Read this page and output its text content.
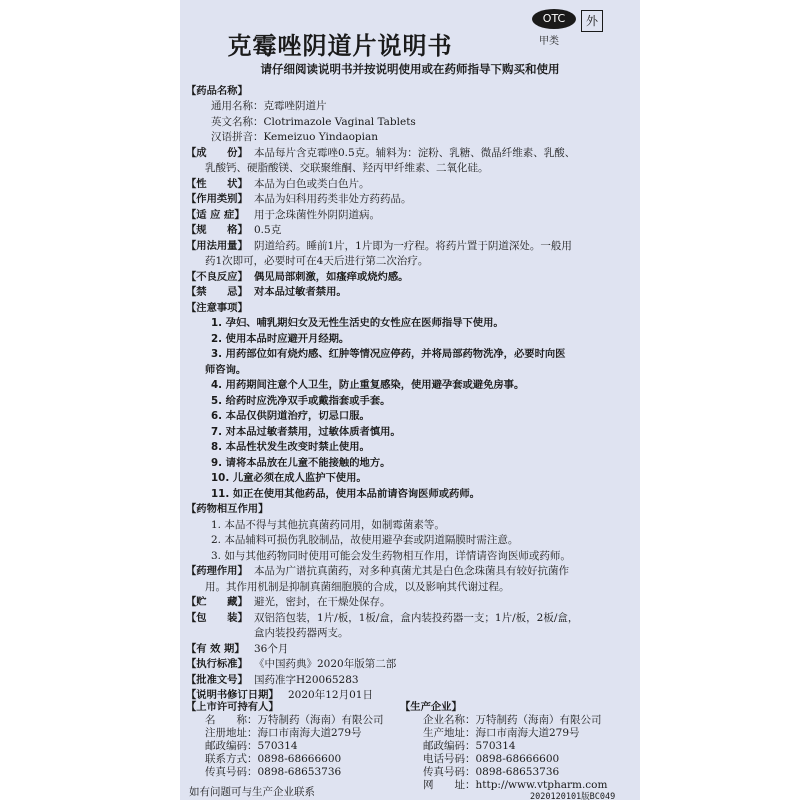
克霉唑阴道片说明书
OTC
甲类
外
请仔细阅读说明书并按说明使用或在药师指导下购买和使用
【药品名称】
通用名称：克霉唑阴道片
英文名称：Clotrimazole Vaginal Tablets
汉语拼音：Kemeizuo Yindaopian
【成　　份】 本品每片含克霉唑0.5克。辅料为：淀粉、乳糖、微晶纤维素、乳酸、
乳酸钙、硬脂酸镁、交联聚维酮、羟丙甲纤维素、二氧化硅。
【性　　状】 本品为白色或类白色片。
【作用类别】 本品为妇科用药类非处方药药品。
【适 应 症】 用于念珠菌性外阴阴道病。
【规　　格】 0.5克
【用法用量】 阴道给药。睡前1片，1片即为一疗程。将药片置于阴道深处。一般用
药1次即可，必要时可在4天后进行第二次治疗。
【不良反应】 偶见局部刺激，如瘙痒或烧灼感。
【禁　　忌】 对本品过敏者禁用。
【注意事项】
1. 孕妇、哺乳期妇女及无性生活史的女性应在医师指导下使用。
2. 使用本品时应避开月经期。
3. 用药部位如有烧灼感、红肿等情况应停药，并将局部药物洗净，必要时向医
师咨询。
4. 用药期间注意个人卫生，防止重复感染，使用避孕套或避免房事。
5. 给药时应洗净双手或戴指套或手套。
6. 本品仅供阴道治疗，切忌口服。
7. 对本品过敏者禁用，过敏体质者慎用。
8. 本品性状发生改变时禁止使用。
9. 请将本品放在儿童不能接触的地方。
10. 儿童必须在成人监护下使用。
11. 如正在使用其他药品，使用本品前请咨询医师或药师。
【药物相互作用】
1. 本品不得与其他抗真菌药同用，如制霉菌素等。
2. 本品辅料可损伤乳胶制品，故使用避孕套或阴道隔膜时需注意。
3. 如与其他药物同时使用可能会发生药物相互作用，详情请咨询医师或药师。
【药理作用】 本品为广谱抗真菌药，对多种真菌尤其是白色念珠菌具有较好抗菌作
用。其作用机制是抑制真菌细胞膜的合成，以及影响其代谢过程。
【贮　　藏】 避光，密封，在干燥处保存。
【包　　装】 双铝箔包装，1片/板，1板/盒，盒内装投药器一支；1片/板，2板/盒，
盒内装投药器两支。
【有 效 期】 36个月
【执行标准】 《中国药典》2020年版第二部
【批准文号】 国药准字H20065283
【说明书修订日期】 2020年12月01日
【上市许可持有人】
名　　称：万特制药（海南）有限公司
注册地址：海口市南海大道279号
邮政编码：570314
联系方式：0898-68666600
【生产企业】
企业名称：万特制药（海南）有限公司
生产地址：海口市南海大道279号
邮政编码：570314
电话号码：0898-68666600
如有问题可与生产企业联系	2020120101版BC049
传真号码：0898-68653736	传真号码：0898-68653736
网　　址：http://www.vtpharm.com
